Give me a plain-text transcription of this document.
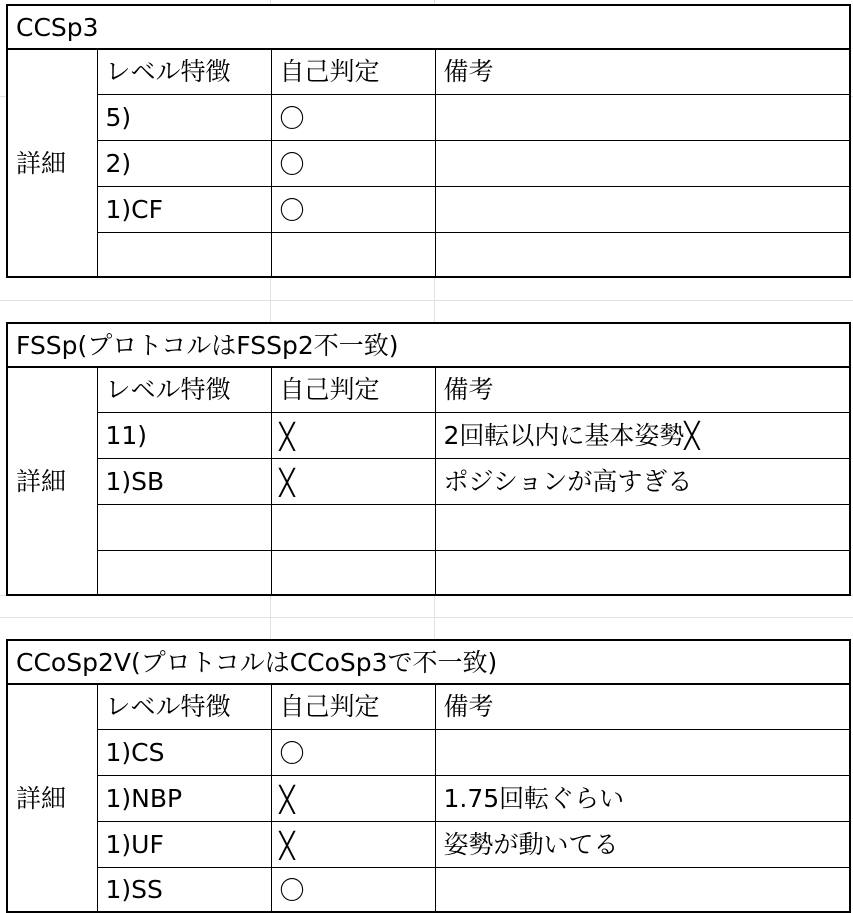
CCSp3			
詳細	レベル特徴	自己判定	備考
	5)	〇	
	2)	〇	
	1)CF	〇	

FSSp(プロトコルはFSSp2不一致)			
詳細	レベル特徴	自己判定	備考
	11)	╳	2回転以内に基本姿勢╳
	1)SB	╳	ポジションが高すぎる

CCoSp2V(プロトコルはCCoSp3で不一致)			
詳細	レベル特徴	自己判定	備考
	1)CS	〇	
	1)NBP	╳	1.75回転ぐらい
	1)UF	╳	姿勢が動いてる
	1)SS	〇	
